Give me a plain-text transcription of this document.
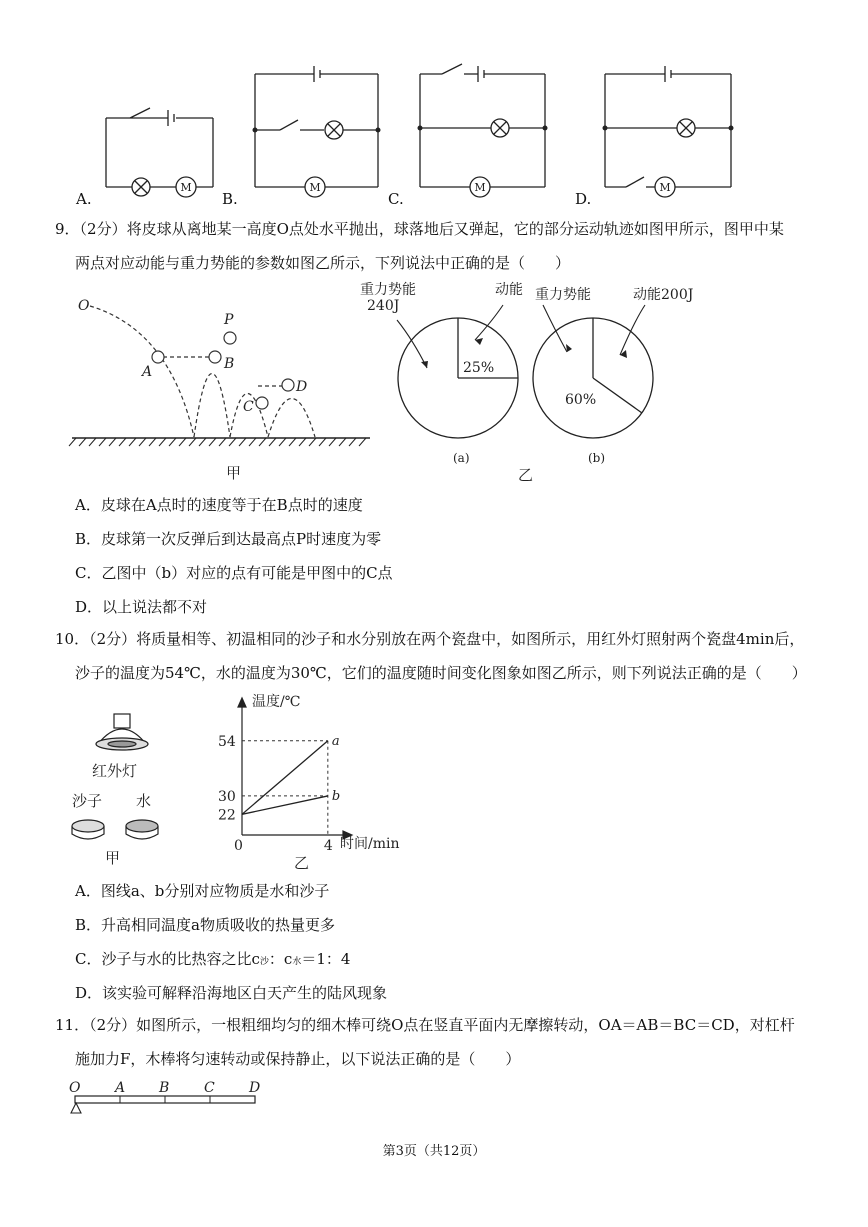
M	M	M	M
A.	B.	C.	D.
9．（2分）将皮球从离地某一高度O点处水平抛出，球落地后又弹起，它的部分运动轨迹如图甲所示，图甲中某
两点对应动能与重力势能的参数如图乙所示，下列说法中正确的是（　　）
O
P
A	B
C
D
甲
重力势能
240J
动能
25%
重力势能	动能200J
60%
(a)	(b)
乙
A．皮球在A点时的速度等于在B点时的速度
B．皮球第一次反弹后到达最高点P时速度为零
C．乙图中（b）对应的点有可能是甲图中的C点
D．以上说法都不对
10．（2分）将质量相等、初温相同的沙子和水分别放在两个瓷盘中，如图所示，用红外灯照射两个瓷盘4min后，
沙子的温度为54℃，水的温度为30℃，它们的温度随时间变化图象如图乙所示，则下列说法正确的是（　　）
红外灯
沙子 水
甲
a
b
54
30
22
0	4
温度/℃
时间/min
乙
A．图线a、b分别对应物质是水和沙子
B．升高相同温度a物质吸收的热量更多
C．沙子与水的比热容之比c沙：c水＝1：4
D．该实验可解释沿海地区白天产生的陆风现象
11．（2分）如图所示，一根粗细均匀的细木棒可绕O点在竖直平面内无摩擦转动，OA＝AB＝BC＝CD，对杠杆
施加力F，木棒将匀速转动或保持静止，以下说法正确的是（　　）
O A B C D
第3页（共12页）
